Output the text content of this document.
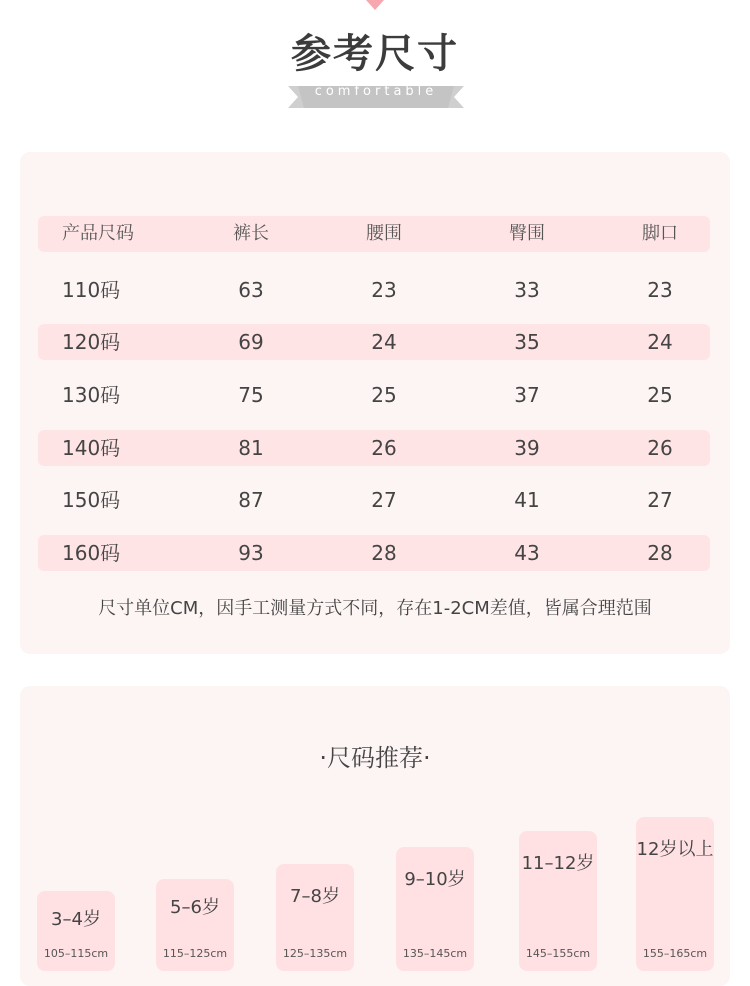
参考尺寸
comfortable
产品尺码	裤长	腰围	臀围	脚口
110码	63	23	33	23
120码	69	24	35	24
130码	75	25	37	25
140码	81	26	39	26
150码	87	27	41	27
160码	93	28	43	28
尺寸单位CM，因手工测量方式不同，存在1-2CM差值，皆属合理范围
·尺码推荐·
3–4岁
105–115cm
5–6岁
115–125cm
7–8岁
125–135cm
9–10岁
135–145cm
11–12岁
145–155cm
12岁以上
155–165cm
